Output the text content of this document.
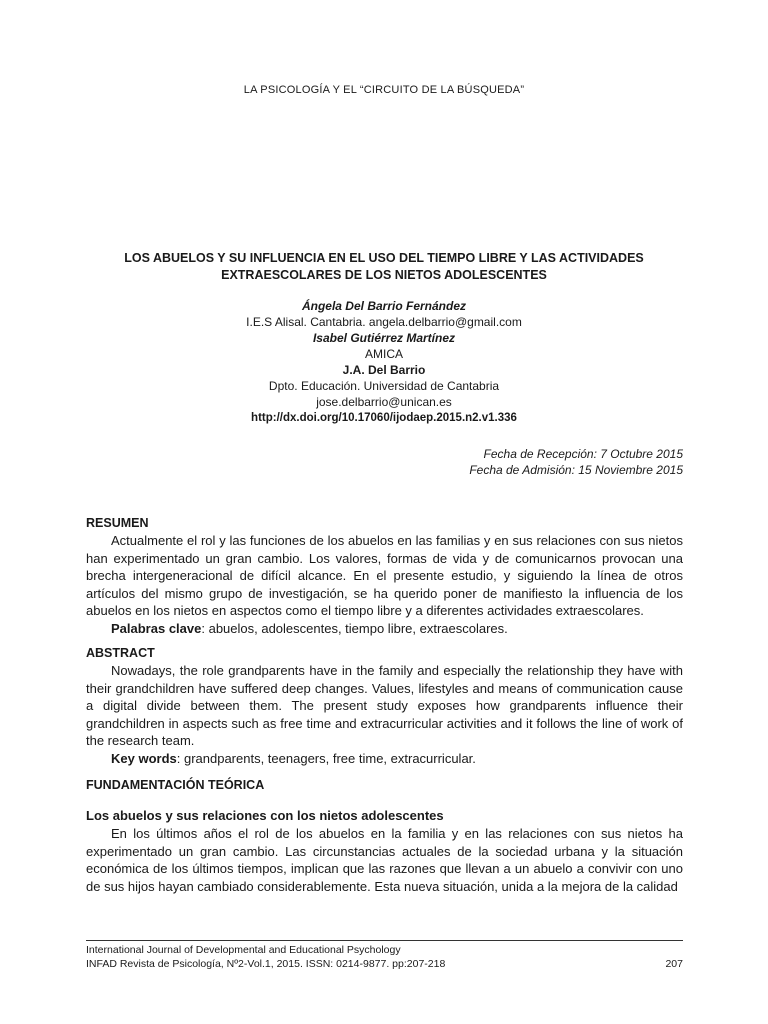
LA PSICOLOGÍA Y EL “CIRCUITO DE LA BÚSQUEDA”
LOS ABUELOS Y SU INFLUENCIA EN EL USO DEL TIEMPO LIBRE Y LAS ACTIVIDADES
EXTRAESCOLARES DE LOS NIETOS ADOLESCENTES
Ángela Del Barrio Fernández
I.E.S Alisal. Cantabria. angela.delbarrio@gmail.com
Isabel Gutiérrez Martínez
AMICA
J.A. Del Barrio
Dpto. Educación. Universidad de Cantabria
jose.delbarrio@unican.es
http://dx.doi.org/10.17060/ijodaep.2015.n2.v1.336
Fecha de Recepción: 7 Octubre 2015
Fecha de Admisión: 15 Noviembre 2015
RESUMEN

Actualmente el rol y las funciones de los abuelos en las familias y en sus relaciones con sus nietos han experimentado un gran cambio. Los valores, formas de vida y de comunicarnos provocan una brecha intergeneracional de difícil alcance. En el presente estudio, y siguiendo la línea de otros artículos del mismo grupo de investigación, se ha querido poner de manifiesto la influencia de los abuelos en los nietos en aspectos como el tiempo libre y a diferentes actividades extraescolares.

Palabras clave: abuelos, adolescentes, tiempo libre, extraescolares.

ABSTRACT

Nowadays, the role grandparents have in the family and especially the relationship they have with their grandchildren have suffered deep changes. Values, lifestyles and means of communication cause a digital divide between them. The present study exposes how grandparents influence their grandchildren in aspects such as free time and extracurricular activities and it follows the line of work of the research team.

Key words: grandparents, teenagers, free time, extracurricular.

FUNDAMENTACIÓN TEÓRICA
Los abuelos y sus relaciones con los nietos adolescentes

En los últimos años el rol de los abuelos en la familia y en las relaciones con sus nietos ha experimentado un gran cambio. Las circunstancias actuales de la sociedad urbana y la situación económica de los últimos tiempos, implican que las razones que llevan a un abuelo a convivir con uno de sus hijos hayan cambiado considerablemente. Esta nueva situación, unida a la mejora de la calidad

International Journal of Developmental and Educational Psychology
INFAD Revista de Psicología, Nº2-Vol.1, 2015. ISSN: 0214-9877. pp:207-218	207
